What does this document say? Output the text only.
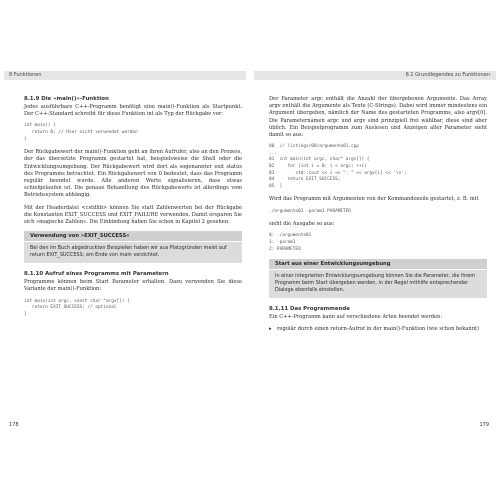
8 Funktionen
8.1.9 Die »main()«-Funktion
Jedes ausführbare C++-Programm benötigt eine main()-Funktion als Startpunkt. Der C++-Standard schreibt für diese Funktion int als Typ der Rückgabe vor:
int main() {
return 0; // Hier nicht verwendet werden
}
Der Rückgabewert der main()-Funktion geht an ihren Aufrufer, also an den Prozess, der das übersetzte Programm gestartet hat, beispielsweise die Shell oder die Entwicklungsumgebung. Der Rückgabewert wird dort als sogenannter exit status des Programms betrachtet. Ein Rückgabewert von 0 bedeutet, dass das Programm regulär beendet wurde. Alle anderen Werte signalisieren, dass etwas schiefgelaufen ist. Die genaue Behandlung des Rückgabewerts ist allerdings vom Betriebssystem abhängig.
Mit der Headerdatei <cstdlib> können Sie statt Zahlenwerten bei der Rückgabe die Konstanten EXIT_SUCCESS und EXIT_FAILURE verwenden. Damit ersparen Sie sich »magische Zahlen«. Die Einbindung haben Sie schon in Kapitel 2 gesehen.
Verwendung von »EXIT_SUCCESS«
Bei den im Buch abgedruckten Beispielen haben wir aus Platzgründen meist auf return EXIT_SUCCESS; am Ende von main verzichtet.
8.1.10 Aufruf eines Programms mit Parametern
Programme können beim Start Parameter erhalten. Dazu verwenden Sie diese Variante der main()-Funktion:
int main(int argc, const char *argv[]) {
return EXIT_SUCCESS; // optional
}
178
8.1 Grundlegendes zu Funktionen
Der Parameter argc enthält die Anzahl der übergebenen Argumente. Das Array argv enthält die Argumente als Texte (C-Strings). Dabei wird immer mindestens ein Argument übergeben, nämlich der Name des gestarteten Programms, also argv[0]. Die Parameternamen argc und argv sind prinzipiell frei wählbar, diese sind aber üblich. Ein Beispielprogramm zum Auslesen und Anzeigen aller Parameter sieht damit so aus:
00  // listings/08/argumente01.cpp
...
01  int main(int argc, char* argv[]) {
02     for (int i = 0; i < argc; ++i)
03        std::cout << i << ": " << argv[i] << '\n';
04     return EXIT_SUCCESS;
05  }
Wird das Programm mit Argumenten von der Kommandozeile gestartet, z. B. mit
./argumente01 -param1 PARAMETER
sieht die Ausgabe so aus:
0: ./argumente01
1: -param1
2: PARAMETER
Start aus einer Entwicklungsumgebung
In einer integrierten Entwicklungsumgebung können Sie die Parameter, die Ihrem Programm beim Start übergeben werden, in der Regel mithilfe entsprechender Dialoge ebenfalls einstellen.
8.1.11 Das Programmende
Ein C++-Programm kann auf verschiedene Arten beendet werden:
▸	regulär durch einen return-Aufruf in der main()-Funktion (wie schon bekannt)
179
